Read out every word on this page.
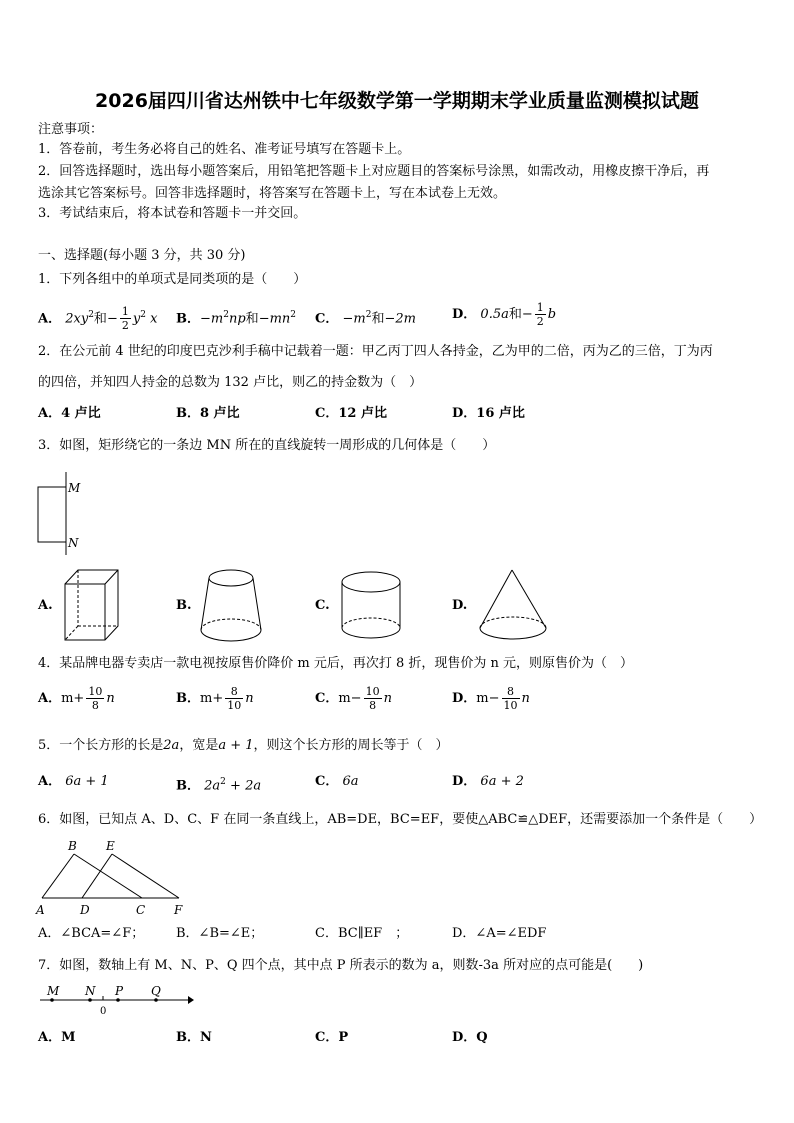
2026届四川省达州铁中七年级数学第一学期期末学业质量监测模拟试题
注意事项：
1．答卷前，考生务必将自己的姓名、准考证号填写在答题卡上。
2．回答选择题时，选出每小题答案后，用铅笔把答题卡上对应题目的答案标号涂黑，如需改动，用橡皮擦干净后，再
选涂其它答案标号。回答非选择题时，将答案写在答题卡上，写在本试卷上无效。
3．考试结束后，将本试卷和答题卡一并交回。
一、选择题(每小题 3 分，共 30 分)
1．下列各组中的单项式是同类项的是（　　）
A． $2xy^2$和− $\frac{1}{2} y^2$ x B．$-m^2np$和$-mn^2$ C． $-m^2$和−2m	D． 0.5a和− $\frac{1}{2}$ b
2．在公元前 4 世纪的印度巴克沙利手稿中记载着一题：甲乙丙丁四人各持金，乙为甲的二倍，丙为乙的三倍，丁为丙
的四倍，并知四人持金的总数为 132 卢比，则乙的持金数为（　）
A．4 卢比	B．8 卢比	C．12 卢比	D．16 卢比
3．如图，矩形绕它的一条边 MN 所在的直线旋转一周形成的几何体是（　　）
M
N
A.	B.	C.	D.
4．某品牌电器专卖店一款电视按原售价降价 m 元后，再次打 8 折，现售价为 n 元，则原售价为（　）
A．$m+ \frac{10}{8}$ n	B．$m+ \frac{8}{10}$ n	C．$m- \frac{10}{8}$ n	D．$m- \frac{8}{10}$ n
5．一个长方形的长是2a，宽是a + 1，则这个长方形的周长等于（　）
A． 6a + 1	B． $2a^2 + 2a$	C． 6a	D． 6a + 2
6．如图，已知点 A、D、C、F 在同一条直线上，AB=DE，BC=EF，要使△ABC≌△DEF，还需要添加一个条件是（　　）
B E
A	D	C F
A．∠BCA=∠F； B．∠B=∠E；	C．BC∥EF　；	D．∠A=∠EDF
7．如图，数轴上有 M、N、P、Q 四个点，其中点 P 所表示的数为 a，则数-3a 所对应的点可能是(　　)
M N P Q
0
A．M	B．N	C．P	D．Q
